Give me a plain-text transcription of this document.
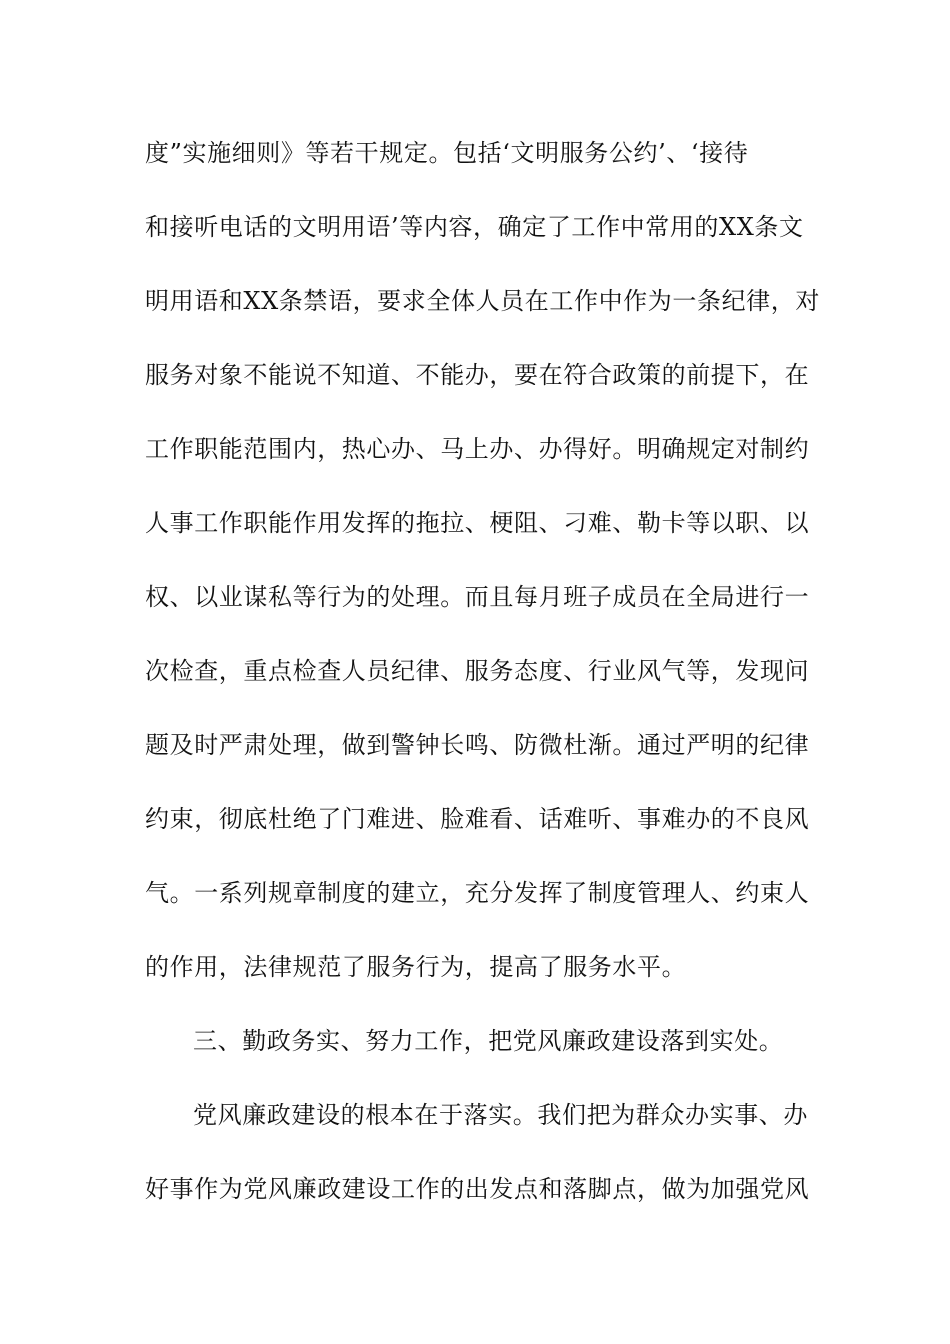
度”实施细则》等若干规定。包括‘文明服务公约’、‘接待
和接听电话的文明用语’等内容，确定了工作中常用的XX条文
明用语和XX条禁语，要求全体人员在工作中作为一条纪律，对
服务对象不能说不知道、不能办，要在符合政策的前提下，在
工作职能范围内，热心办、马上办、办得好。明确规定对制约
人事工作职能作用发挥的拖拉、梗阻、刁难、勒卡等以职、以
权、以业谋私等行为的处理。而且每月班子成员在全局进行一
次检查，重点检查人员纪律、服务态度、行业风气等，发现问
题及时严肃处理，做到警钟长鸣、防微杜渐。通过严明的纪律
约束，彻底杜绝了门难进、脸难看、话难听、事难办的不良风
气。一系列规章制度的建立，充分发挥了制度管理人、约束人
的作用，法律规范了服务行为，提高了服务水平。
三、勤政务实、努力工作，把党风廉政建设落到实处。
党风廉政建设的根本在于落实。我们把为群众办实事、办
好事作为党风廉政建设工作的出发点和落脚点，做为加强党风
